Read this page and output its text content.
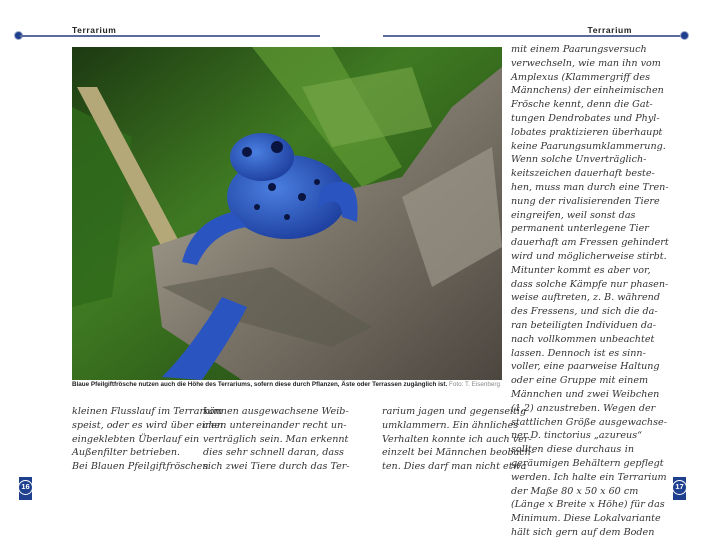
Terrarium	Terrarium
Blaue Pfeilgiftfrösche nutzen auch die Höhe des Terrariums, sofern diese durch Pflanzen, Äste oder Terrassen zugänglich ist. Foto: T. Eisenberg
kleinen Flusslauf im Terrarium
speist, oder es wird über einen
eingeklebten Überlauf ein
Außenfilter betrieben.
Bei Blauen Pfeilgiftfröschen
können ausgewachsene Weib-
chen untereinander recht un-
verträglich sein. Man erkennt
dies sehr schnell daran, dass
sich zwei Tiere durch das Ter-
rarium jagen und gegenseitig
umklammern. Ein ähnliches
Verhalten konnte ich auch ver-
einzelt bei Männchen beobach-
ten. Dies darf man nicht etwa
mit einem Paarungsversuch
verwechseln, wie man ihn vom
Amplexus (Klammergriff des
Männchens) der einheimischen
Frösche kennt, denn die Gat-
tungen Dendrobates und Phyl-
lobates praktizieren überhaupt
keine Paarungsumklammerung.
Wenn solche Unverträglich-
keitszeichen dauerhaft beste-
hen, muss man durch eine Tren-
nung der rivalisierenden Tiere
eingreifen, weil sonst das
permanent unterlegene Tier
dauerhaft am Fressen gehindert
wird und möglicherweise stirbt.
Mitunter kommt es aber vor,
dass solche Kämpfe nur phasen-
weise auftreten, z. B. während
des Fressens, und sich die da-
ran beteiligten Individuen da-
nach vollkommen unbeachtet
lassen. Dennoch ist es sinn-
voller, eine paarweise Haltung
oder eine Gruppe mit einem
Männchen und zwei Weibchen
(1,2) anzustreben. Wegen der
stattlichen Größe ausgewachse-
ner D. tinctorius „azureus“
sollten diese durchaus in
geräumigen Behältern gepflegt
werden. Ich halte ein Terrarium
der Maße 80 x 50 x 60 cm
(Länge x Breite x Höhe) für das
Minimum. Diese Lokalvariante
hält sich gern auf dem Boden
16	17
